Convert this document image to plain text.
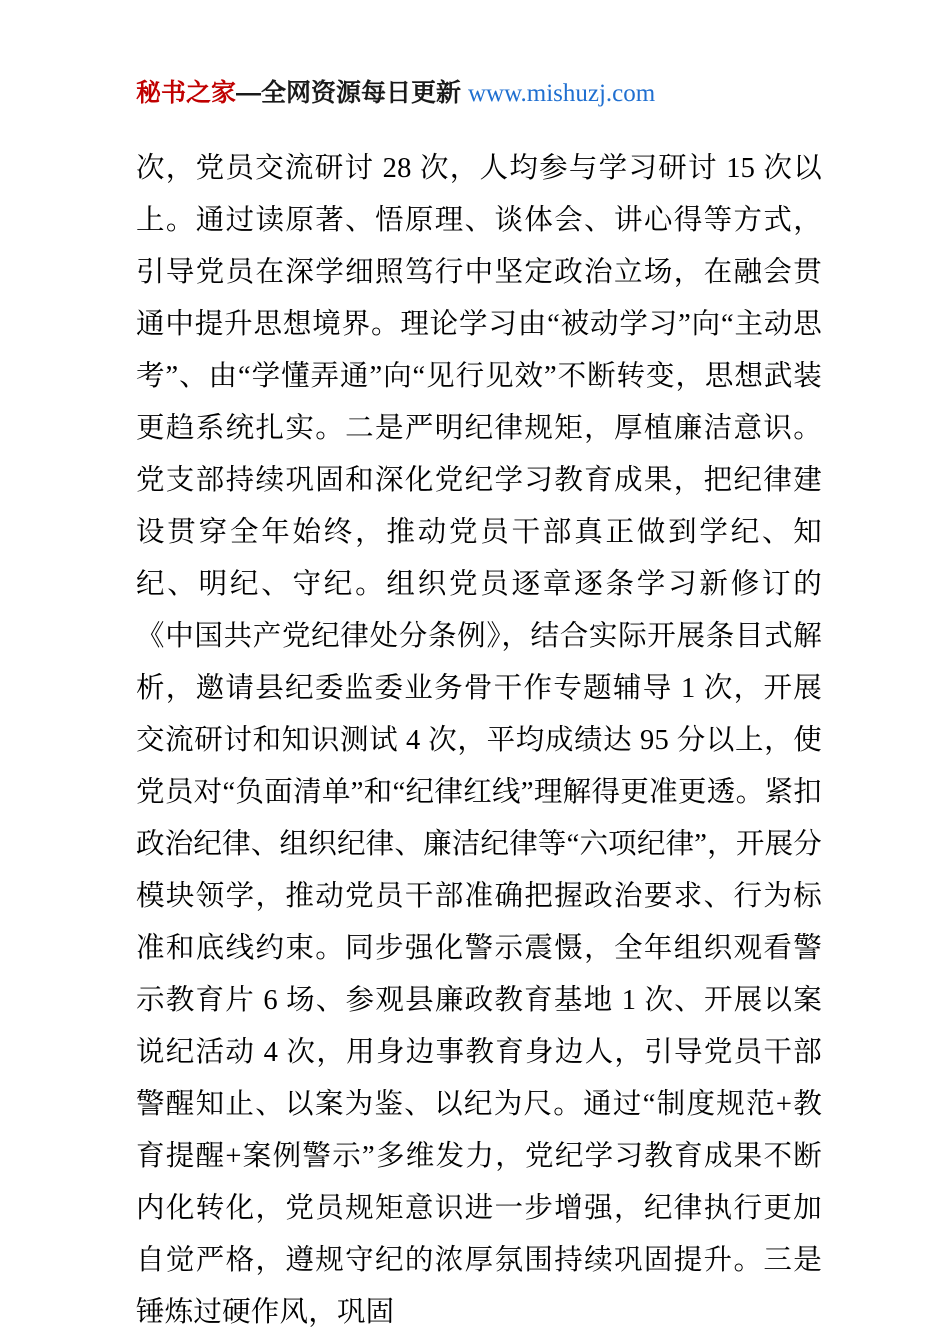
秘书之家—全网资源每日更新 www.mishuzj.com
次，党员交流研讨 28 次，人均参与学习研讨 15 次以上。通过读原著、悟原理、谈体会、讲心得等方式，引导党员在深学细照笃行中坚定政治立场，在融会贯通中提升思想境界。理论学习由“被动学习”向“主动思考”、由“学懂弄通”向“见行见效”不断转变，思想武装更趋系统扎实。二是严明纪律规矩，厚植廉洁意识。党支部持续巩固和深化党纪学习教育成果，把纪律建设贯穿全年始终，推动党员干部真正做到学纪、知纪、明纪、守纪。组织党员逐章逐条学习新修订的《中国共产党纪律处分条例》，结合实际开展条目式解析，邀请县纪委监委业务骨干作专题辅导 1 次，开展交流研讨和知识测试 4 次，平均成绩达 95 分以上，使党员对“负面清单”和“纪律红线”理解得更准更透。紧扣政治纪律、组织纪律、廉洁纪律等“六项纪律”，开展分模块领学，推动党员干部准确把握政治要求、行为标准和底线约束。同步强化警示震慑，全年组织观看警示教育片 6 场、参观县廉政教育基地 1 次、开展以案说纪活动 4 次，用身边事教育身边人，引导党员干部警醒知止、以案为鉴、以纪为尺。通过“制度规范+教育提醒+案例警示”多维发力，党纪学习教育成果不断内化转化，党员规矩意识进一步增强，纪律执行更加自觉严格，遵规守纪的浓厚氛围持续巩固提升。三是锤炼过硬作风，巩固
